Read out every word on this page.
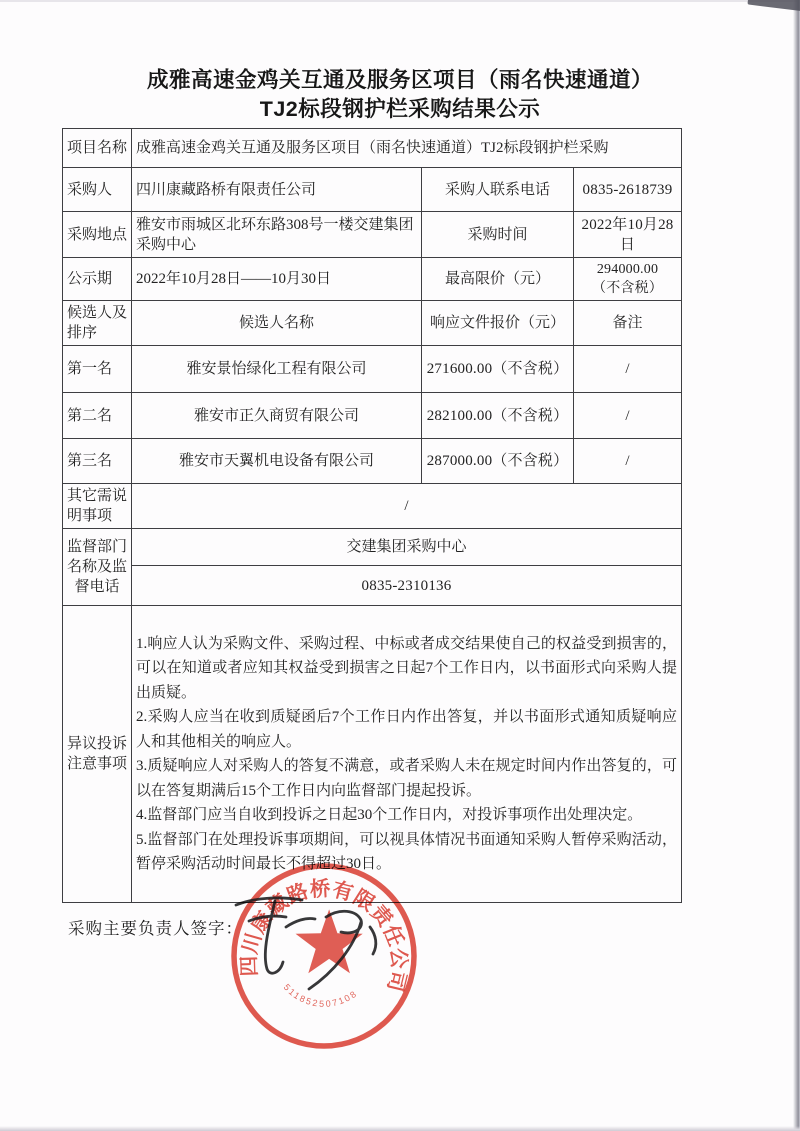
成雅高速金鸡关互通及服务区项目（雨名快速通道）
TJ2标段钢护栏采购结果公示
项目名称	成雅高速金鸡关互通及服务区项目（雨名快速通道）TJ2标段钢护栏采购		
采购人	四川康藏路桥有限责任公司	采购人联系电话	0835-2618739
采购地点	雅安市雨城区北环东路308号一楼交建集团采购中心	采购时间	2022年10月28日
公示期	2022年10月28日——10月30日	最高限价（元）	294000.00
（不含税）

候选人及排序	候选人名称	响应文件报价（元）	备注
第一名	雅安景怡绿化工程有限公司	271600.00（不含税）	/
第二名	雅安市正久商贸有限公司	282100.00（不含税）	/
第三名	雅安市天翼机电设备有限公司	287000.00（不含税）	/
其它需说明事项	/		
监督部门名称及监督电话	交建集团采购中心		
	0835-2310136		
异议投诉注意事项	1.响应人认为采购文件、采购过程、中标或者成交结果使自己的权益受到损害的，可以在知道或者应知其权益受到损害之日起7个工作日内，以书面形式向采购人提出质疑。
2.采购人应当在收到质疑函后7个工作日内作出答复，并以书面形式通知质疑响应人和其他相关的响应人。
3.质疑响应人对采购人的答复不满意，或者采购人未在规定时间内作出答复的，可以在答复期满后15个工作日内向监督部门提起投诉。
4.监督部门应当自收到投诉之日起30个工作日内，对投诉事项作出处理决定。
5.监督部门在处理投诉事项期间，可以视具体情况书面通知采购人暂停采购活动，暂停采购活动时间最长不得超过30日。		
采购主要负责人签字：
四川康藏路桥有限责任公司
511852507108
